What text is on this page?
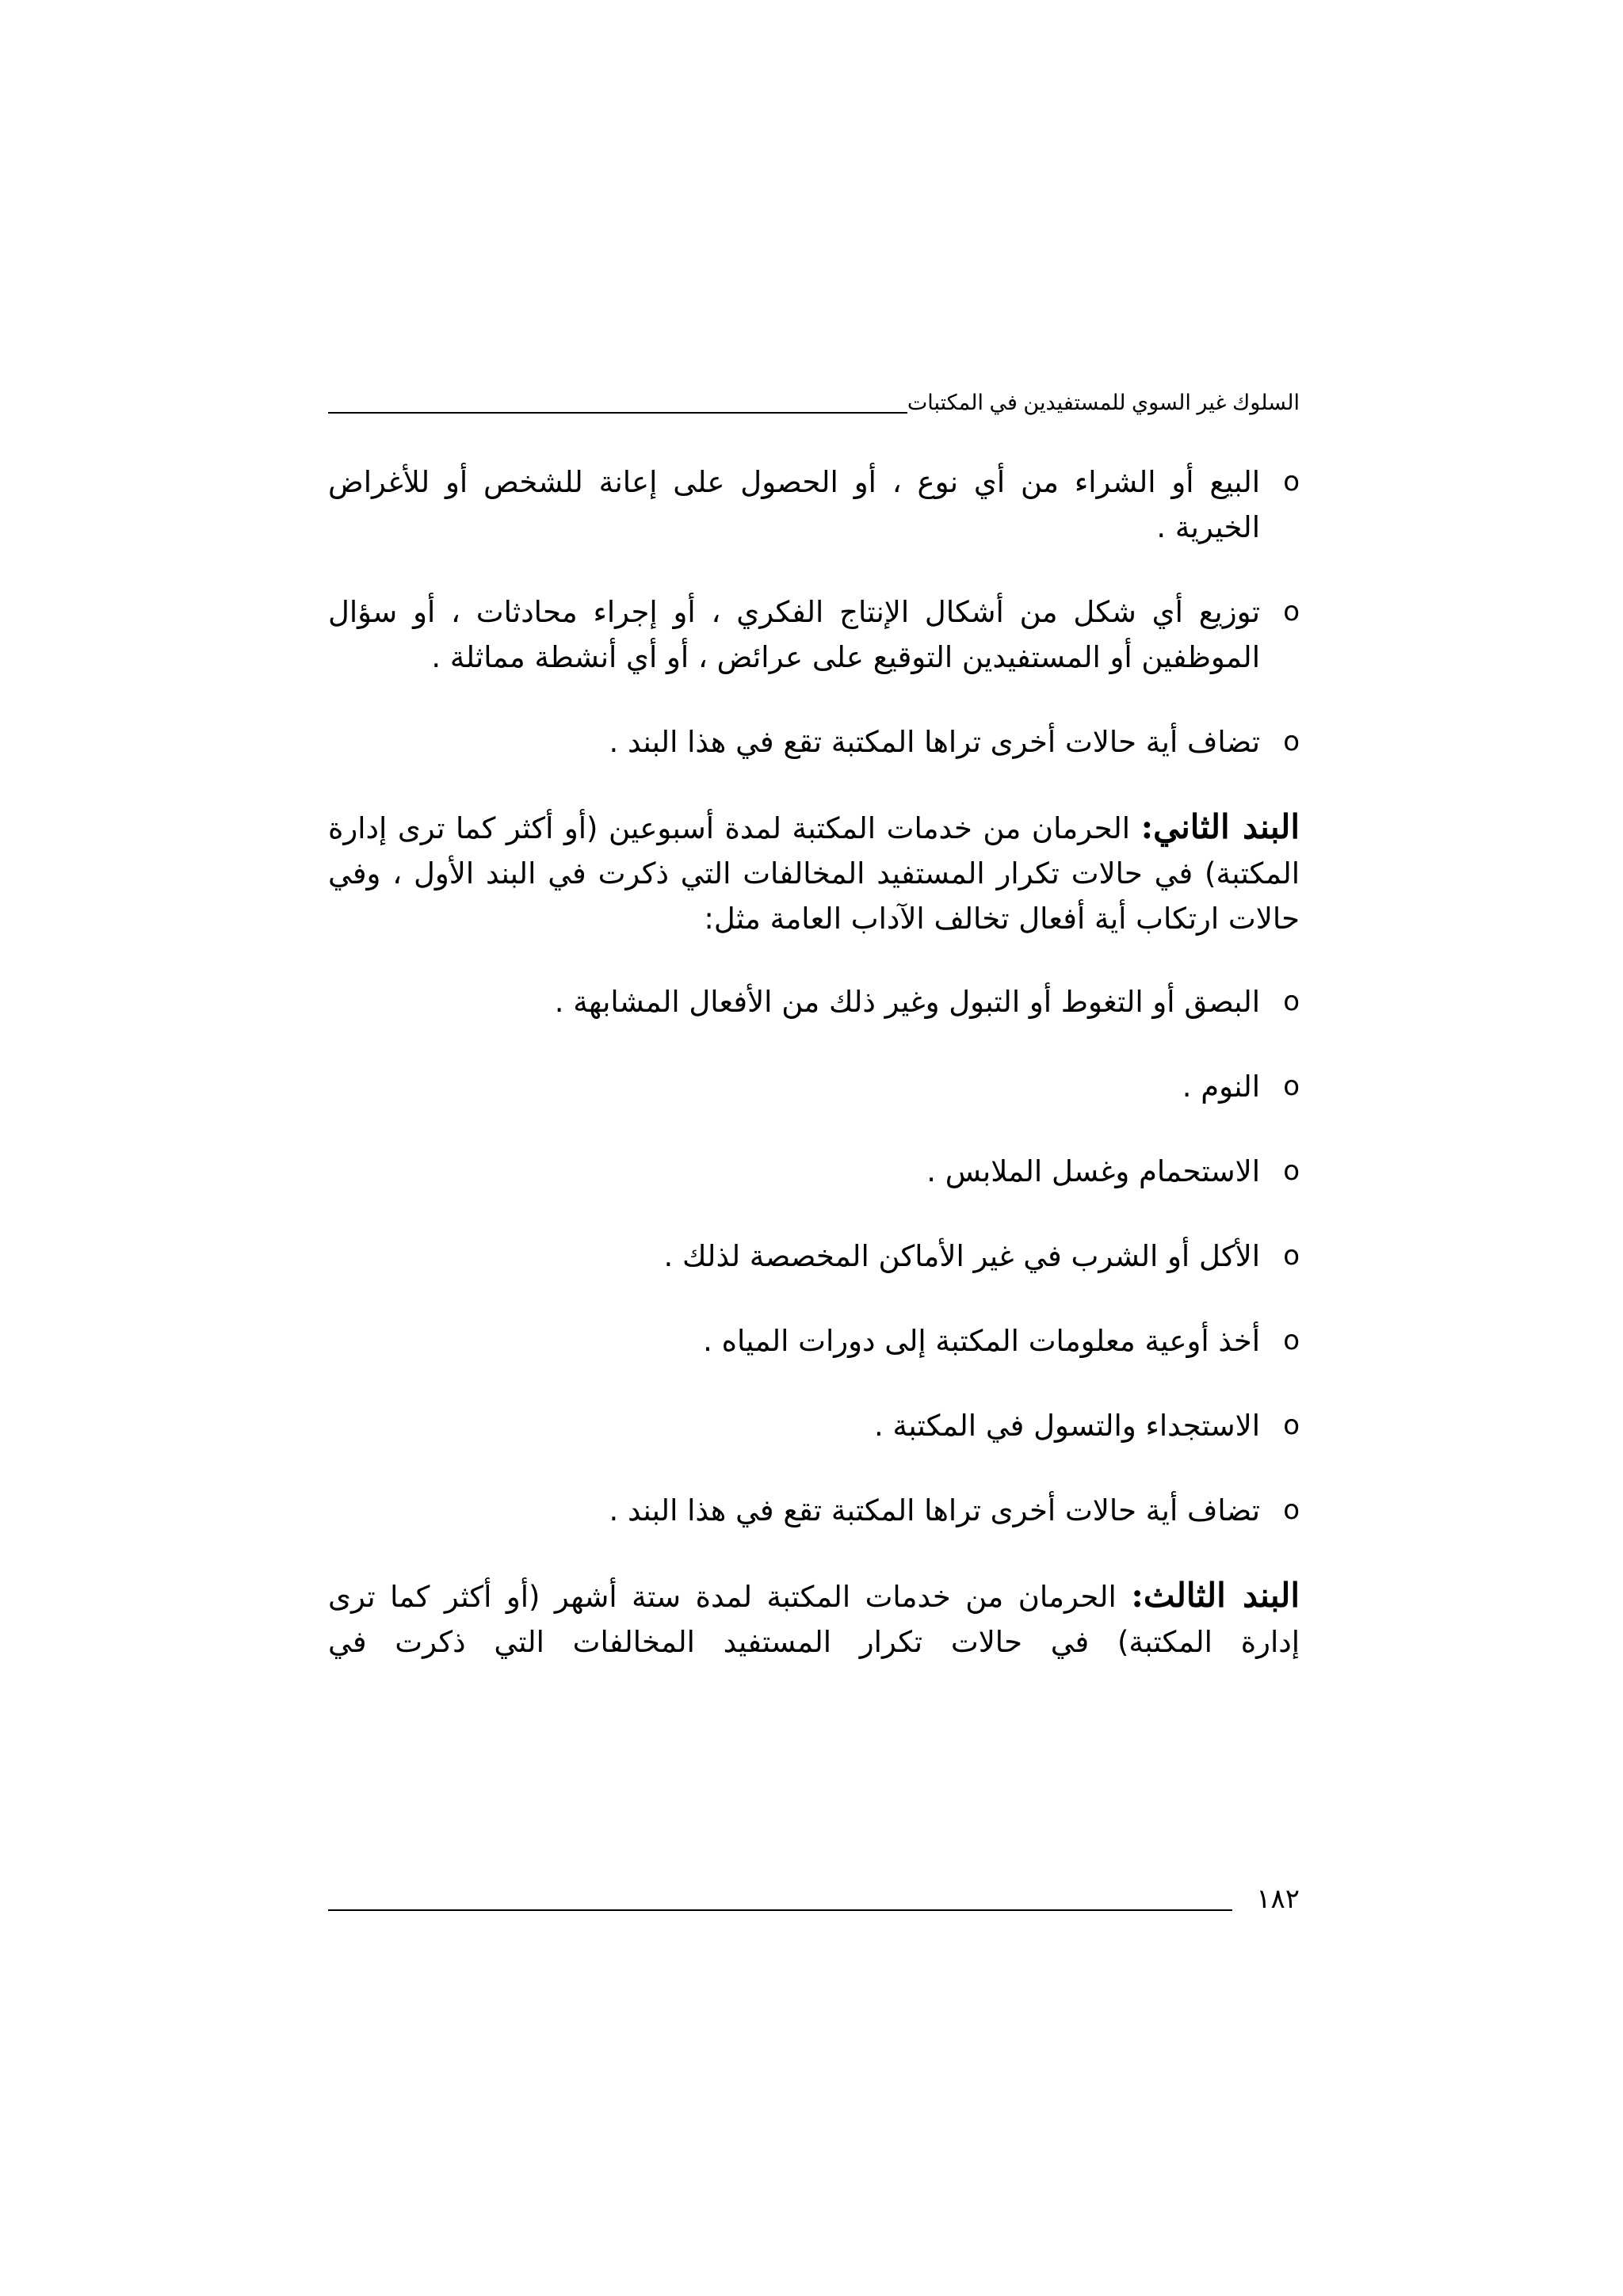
السلوك غير السوي للمستفيدين في المكتبات
o
البيع أو الشراء من أي نوع ، أو الحصول على إعانة للشخص أو للأغراض الخيرية .
o
توزيع أي شكل من أشكال الإنتاج الفكري ، أو إجراء محادثات ، أو سؤال الموظفين أو المستفيدين التوقيع على عرائض ، أو أي أنشطة مماثلة .
o
تضاف أية حالات أخرى تراها المكتبة تقع في هذا البند .

البند الثاني: الحرمان من خدمات المكتبة لمدة أسبوعين (أو أكثر كما ترى إدارة المكتبة) في حالات تكرار المستفيد المخالفات التي ذكرت في البند الأول ، وفي حالات ارتكاب أية أفعال تخالف الآداب العامة مثل:

o
البصق أو التغوط أو التبول وغير ذلك من الأفعال المشابهة .
o
النوم .
o
الاستحمام وغسل الملابس .
o
الأكل أو الشرب في غير الأماكن المخصصة لذلك .
o
أخذ أوعية معلومات المكتبة إلى دورات المياه .
o
الاستجداء والتسول في المكتبة .
o
تضاف أية حالات أخرى تراها المكتبة تقع في هذا البند .

البند الثالث: الحرمان من خدمات المكتبة لمدة ستة أشهر (أو أكثر كما ترى إدارة المكتبة) في حالات تكرار المستفيد المخالفات التي ذكرت في

١٨٢
